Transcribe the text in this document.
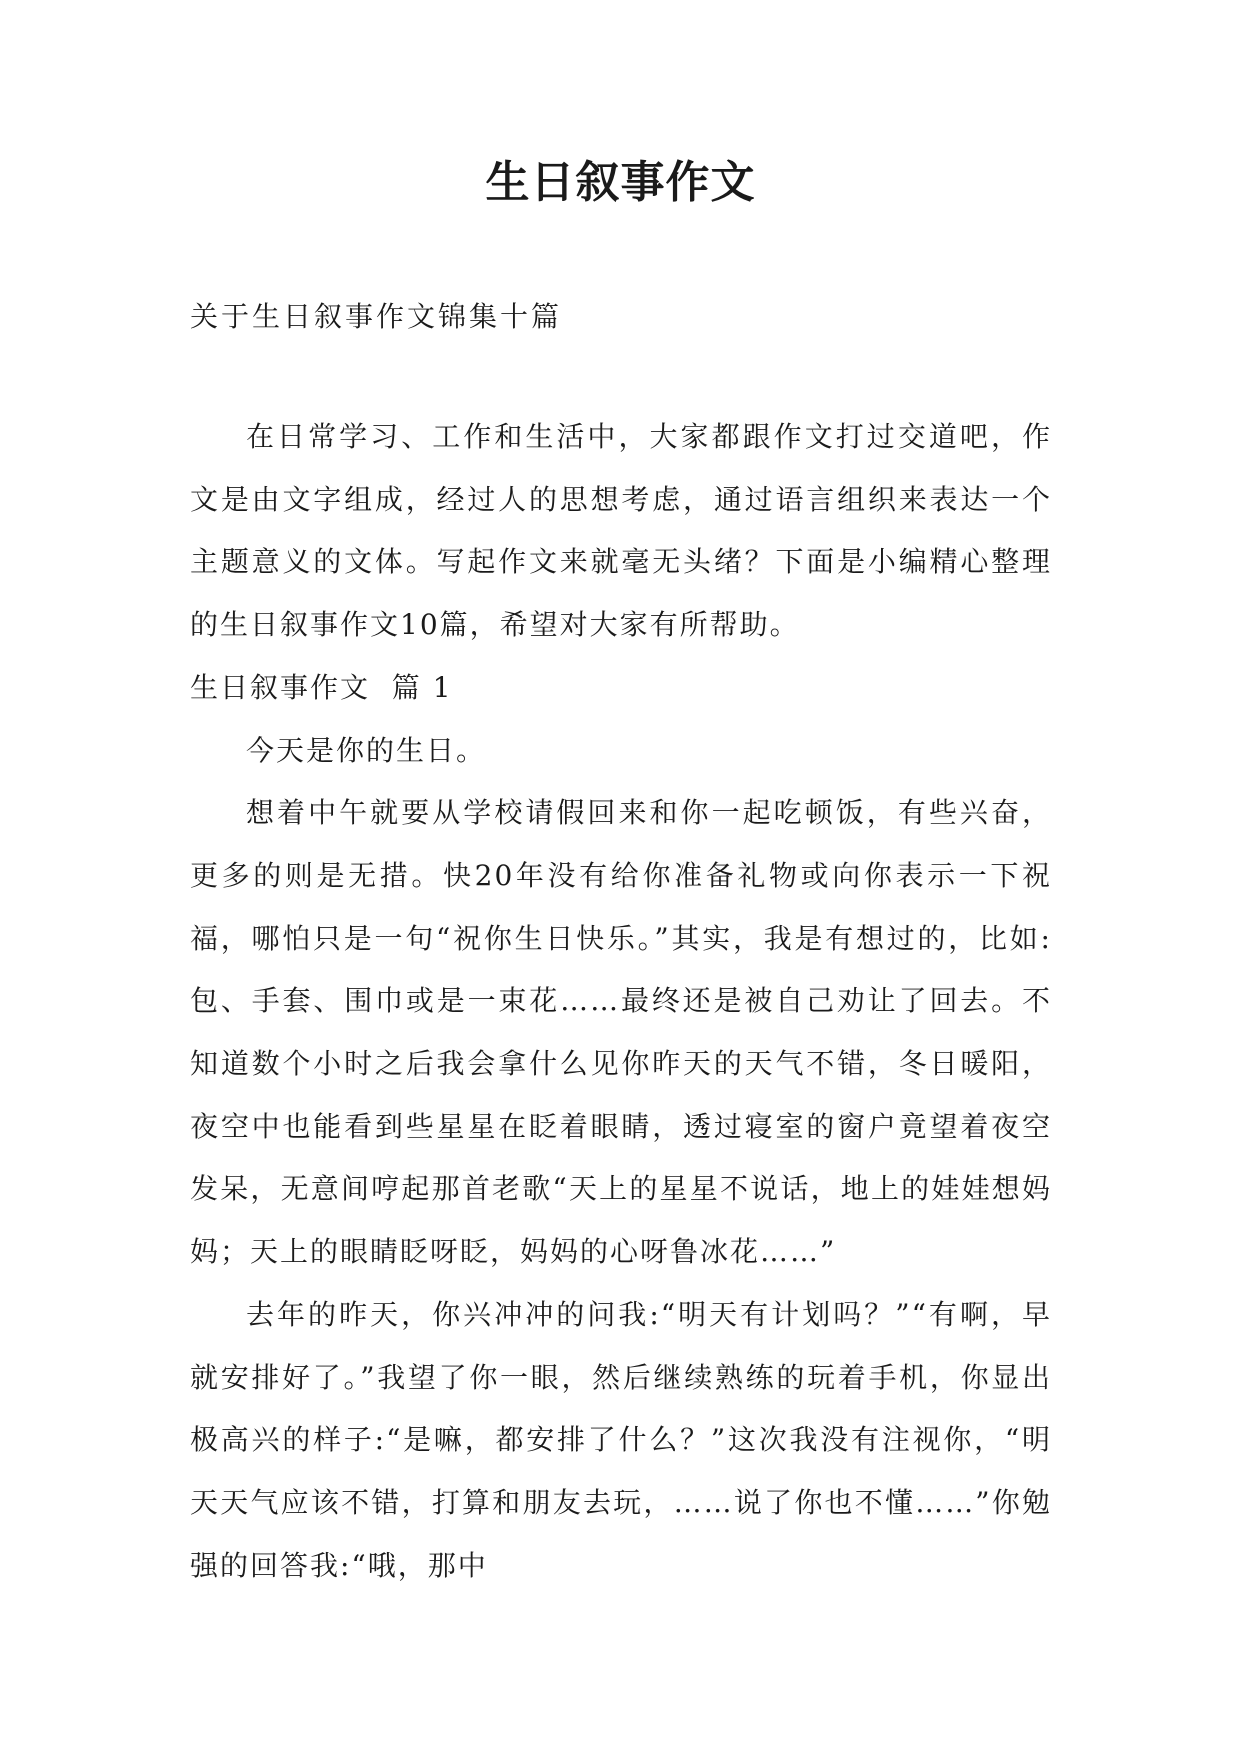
生日叙事作文

关于生日叙事作文锦集十篇

在日常学习、工作和生活中，大家都跟作文打过交道吧，作文是由文字组成，经过人的思想考虑，通过语言组织来表达一个主题意义的文体。写起作文来就毫无头绪？下面是小编精心整理的生日叙事作文10篇，希望对大家有所帮助。

生日叙事作文  篇 1

今天是你的生日。

想着中午就要从学校请假回来和你一起吃顿饭，有些兴奋，更多的则是无措。快20年没有给你准备礼物或向你表示一下祝福，哪怕只是一句“祝你生日快乐。”其实，我是有想过的，比如:包、手套、围巾或是一束花……最终还是被自己劝让了回去。不知道数个小时之后我会拿什么见你昨天的天气不错，冬日暖阳，夜空中也能看到些星星在眨着眼睛，透过寝室的窗户竟望着夜空发呆，无意间哼起那首老歌“天上的星星不说话，地上的娃娃想妈妈；天上的眼睛眨呀眨，妈妈的心呀鲁冰花……”

去年的昨天，你兴冲冲的问我:“明天有计划吗？”“有啊，早就安排好了。”我望了你一眼，然后继续熟练的玩着手机，你显出极高兴的样子:“是嘛，都安排了什么？”这次我没有注视你，“明天天气应该不错，打算和朋友去玩，……说了你也不懂……”你勉强的回答我:“哦，那中
